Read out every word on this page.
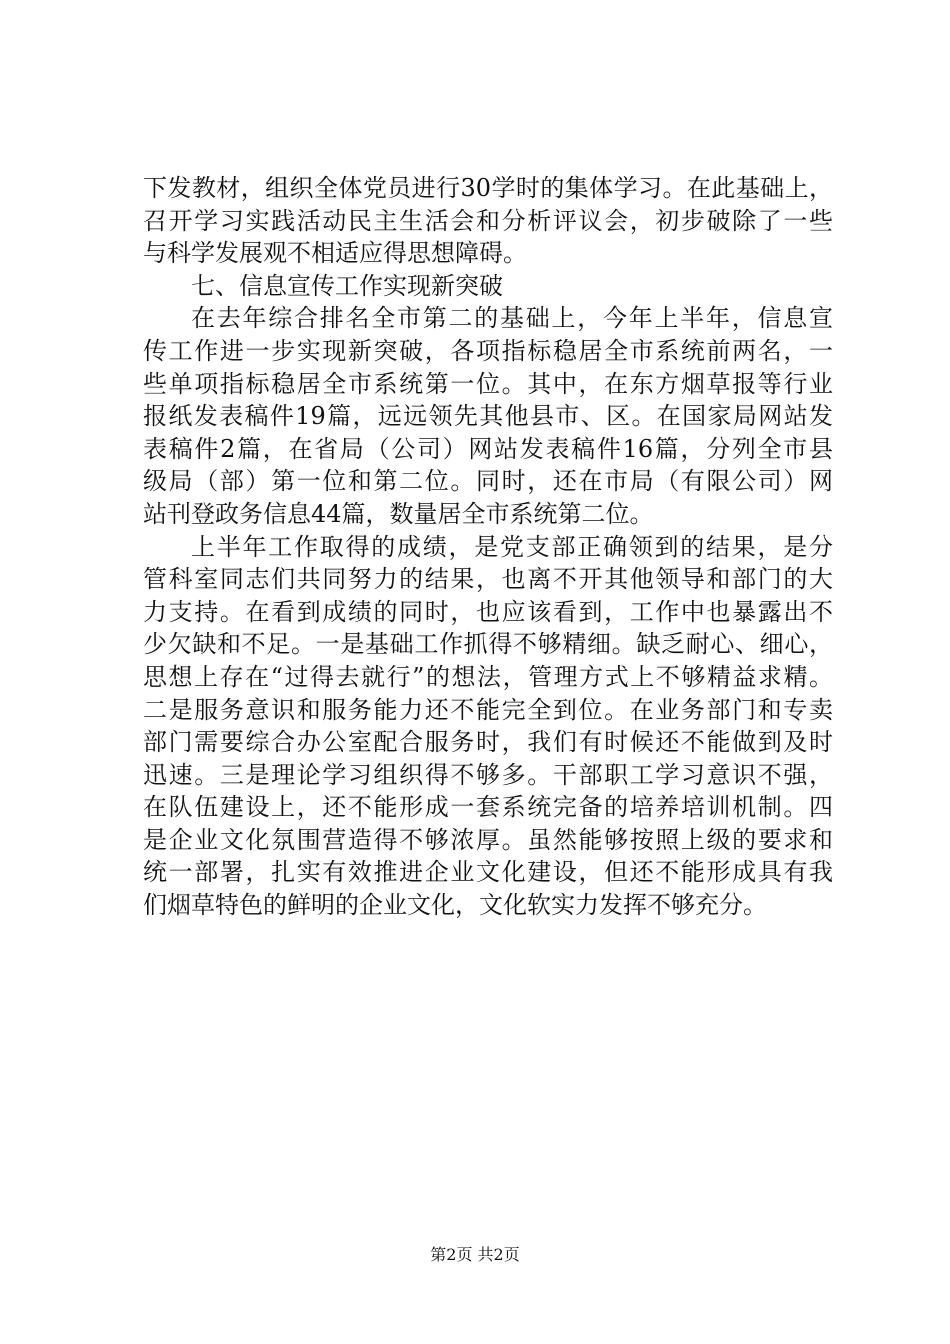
下发教材，组织全体党员进行30学时的集体学习。在此基础上，
召开学习实践活动民主生活会和分析评议会，初步破除了一些
与科学发展观不相适应得思想障碍。
七、信息宣传工作实现新突破
在去年综合排名全市第二的基础上，今年上半年，信息宣
传工作进一步实现新突破，各项指标稳居全市系统前两名，一
些单项指标稳居全市系统第一位。其中，在东方烟草报等行业
报纸发表稿件19篇，远远领先其他县市、区。在国家局网站发
表稿件2篇，在省局（公司）网站发表稿件16篇，分列全市县
级局（部）第一位和第二位。同时，还在市局（有限公司）网
站刊登政务信息44篇，数量居全市系统第二位。
上半年工作取得的成绩，是党支部正确领到的结果，是分
管科室同志们共同努力的结果，也离不开其他领导和部门的大
力支持。在看到成绩的同时，也应该看到，工作中也暴露出不
少欠缺和不足。一是基础工作抓得不够精细。缺乏耐心、细心，
思想上存在“过得去就行”的想法，管理方式上不够精益求精。
二是服务意识和服务能力还不能完全到位。在业务部门和专卖
部门需要综合办公室配合服务时，我们有时候还不能做到及时
迅速。三是理论学习组织得不够多。干部职工学习意识不强，
在队伍建设上，还不能形成一套系统完备的培养培训机制。四
是企业文化氛围营造得不够浓厚。虽然能够按照上级的要求和
统一部署，扎实有效推进企业文化建设，但还不能形成具有我
们烟草特色的鲜明的企业文化，文化软实力发挥不够充分。
第2页 共2页
